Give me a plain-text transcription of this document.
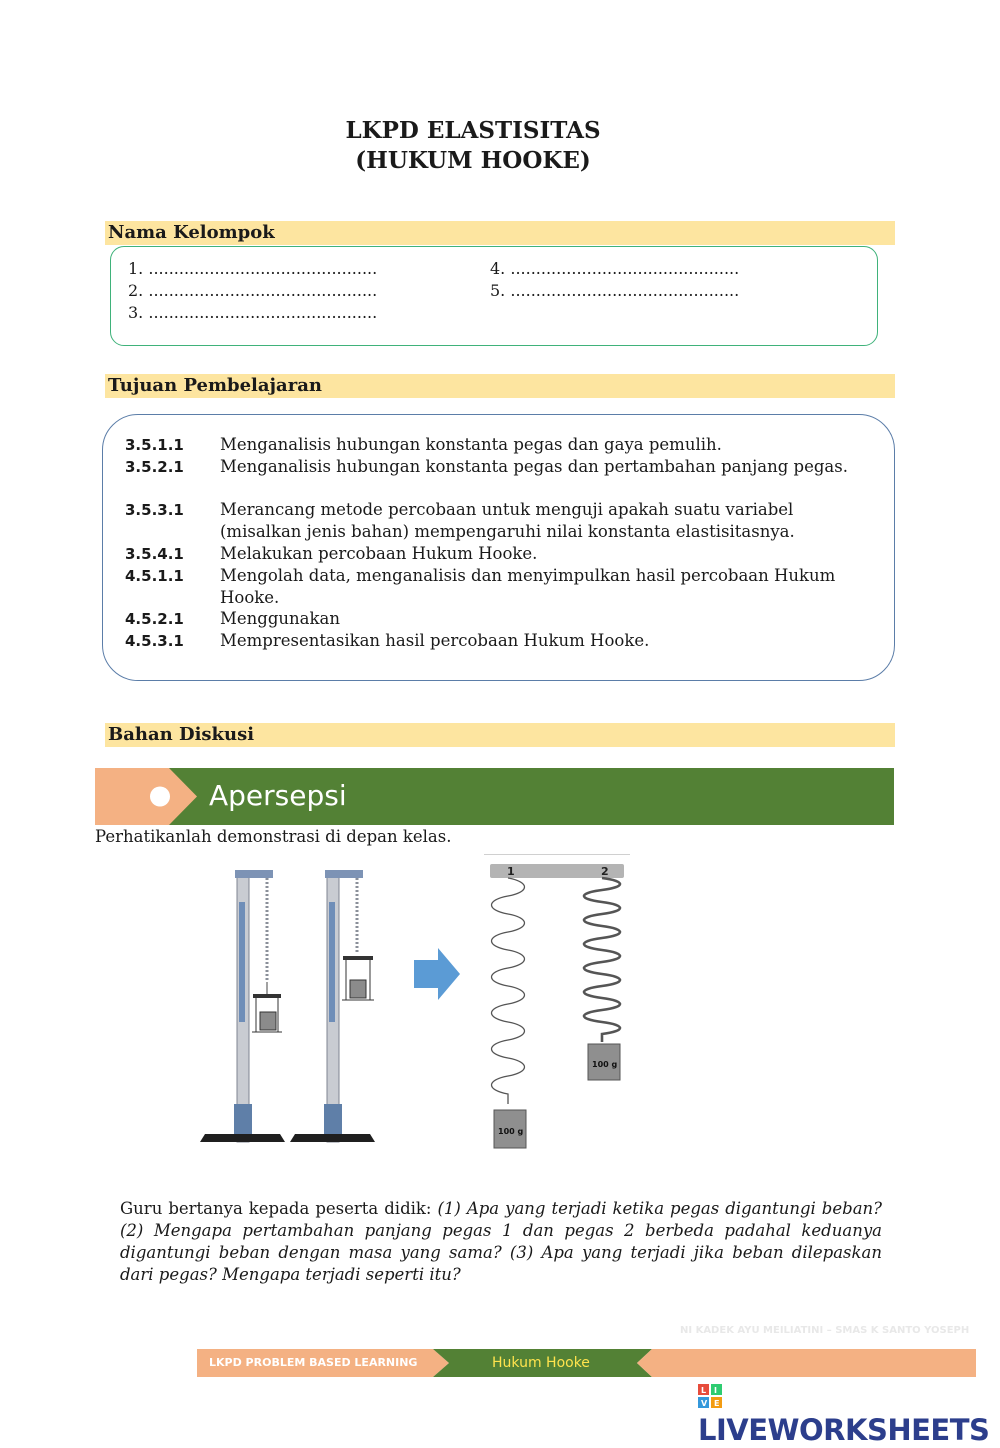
LKPD ELASTISITAS
(HUKUM HOOKE)
Nama Kelompok
1. .............................................
2. .............................................
3. .............................................
4. .............................................
5. .............................................
Tujuan Pembelajaran
3.5.1.1 Menganalisis hubungan konstanta pegas dan gaya pemulih.
3.5.2.1 Menganalisis hubungan konstanta pegas dan pertambahan panjang pegas.
3.5.3.1 Merancang metode percobaan untuk menguji apakah suatu variabel (misalkan jenis bahan) mempengaruhi nilai konstanta elastisitasnya.
3.5.4.1 Melakukan percobaan Hukum Hooke.
4.5.1.1 Mengolah data, menganalisis dan menyimpulkan hasil percobaan Hukum Hooke.
4.5.2.1 Menggunakan
4.5.3.1 Mempresentasikan hasil percobaan Hukum Hooke.
Bahan Diskusi
Apersepsi
Perhatikanlah demonstrasi di depan kelas.
1	2
100 g
100 g
Guru bertanya kepada peserta didik: (1) Apa yang terjadi ketika pegas digantungi beban? (2) Mengapa pertambahan panjang pegas 1 dan pegas 2 berbeda padahal keduanya digantungi beban dengan masa yang sama? (3) Apa yang terjadi jika beban dilepaskan dari pegas? Mengapa terjadi seperti itu?
NI KADEK AYU MEILIATINI – SMAS K SANTO YOSEPH
LKPD PROBLEM BASED LEARNING	Hukum Hooke
L I
V E
LIVEWORKSHEETS
